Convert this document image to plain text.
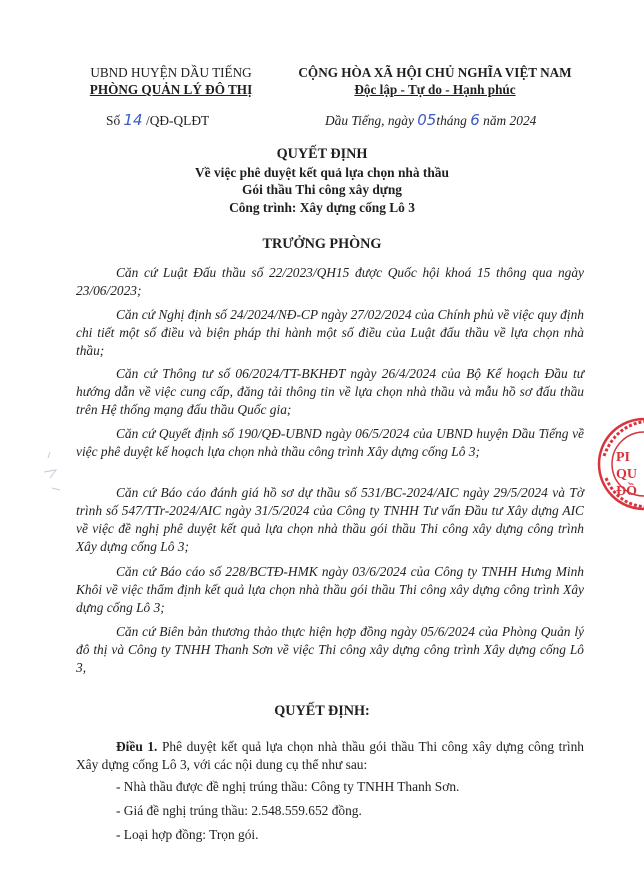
UBND HUYỆN DẦU TIẾNG
PHÒNG QUẢN LÝ ĐÔ THỊ
CỘNG HÒA XÃ HỘI CHỦ NGHĨA VIỆT NAM
Độc lập - Tự do - Hạnh phúc
Số 14 /QĐ-QLĐT	Dầu Tiếng, ngày 05tháng 6 năm 2024
QUYẾT ĐỊNH
Về việc phê duyệt kết quả lựa chọn nhà thầu
Gói thầu Thi công xây dựng
Công trình: Xây dựng cống Lô 3
TRƯỞNG PHÒNG

Căn cứ Luật Đấu thầu số 22/2023/QH15 được Quốc hội khoá 15 thông qua ngày 23/06/2023;

Căn cứ Nghị định số 24/2024/NĐ-CP ngày 27/02/2024 của Chính phủ về việc quy định chi tiết một số điều và biện pháp thi hành một số điều của Luật đấu thầu về lựa chọn nhà thầu;

Căn cứ Thông tư số 06/2024/TT-BKHĐT ngày 26/4/2024 của Bộ Kế hoạch Đầu tư hướng dẫn về việc cung cấp, đăng tải thông tin về lựa chọn nhà thầu và mẫu hồ sơ đấu thầu trên Hệ thống mạng đấu thầu Quốc gia;

Căn cứ Quyết định số 190/QĐ-UBND ngày 06/5/2024 của UBND huyện Dầu Tiếng về việc phê duyệt kế hoạch lựa chọn nhà thầu công trình Xây dựng cống Lô 3;

Căn cứ Báo cáo đánh giá hồ sơ dự thầu số 531/BC-2024/AIC ngày 29/5/2024 và Tờ trình số 547/TTr-2024/AIC ngày 31/5/2024 của Công ty TNHH Tư vấn Đầu tư Xây dựng AIC về việc đề nghị phê duyệt kết quả lựa chọn nhà thầu gói thầu Thi công xây dựng công trình Xây dựng cống Lô 3;

Căn cứ Báo cáo số 228/BCTĐ-HMK ngày 03/6/2024 của Công ty TNHH Hưng Minh Khôi về việc thẩm định kết quả lựa chọn nhà thầu gói thầu Thi công xây dựng công trình Xây dựng cống Lô 3;

Căn cứ Biên bản thương thảo thực hiện hợp đồng ngày 05/6/2024 của Phòng Quản lý đô thị và Công ty TNHH Thanh Sơn về việc Thi công xây dựng công trình Xây dựng cống Lô 3,

QUYẾT ĐỊNH:

Điều 1. Phê duyệt kết quả lựa chọn nhà thầu gói thầu Thi công xây dựng công trình Xây dựng cống Lô 3, với các nội dung cụ thể như sau:

- Nhà thầu được đề nghị trúng thầu: Công ty TNHH Thanh Sơn.

- Giá đề nghị trúng thầu: 2.548.559.652 đồng.

- Loại hợp đồng: Trọn gói.

PI
QU
ĐỒ
